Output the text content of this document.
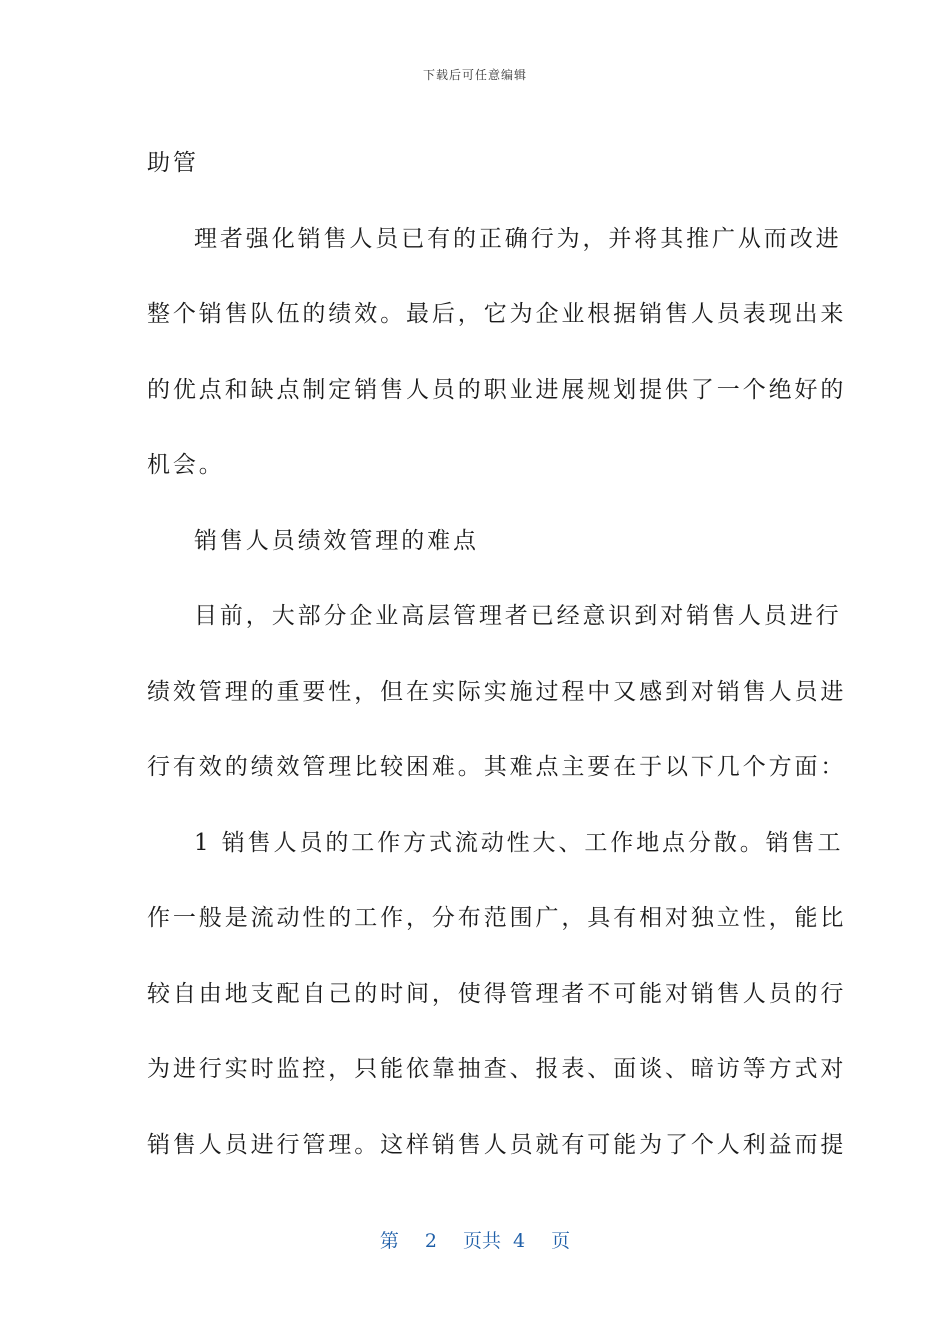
下载后可任意编辑
助管
理者强化销售人员已有的正确行为，并将其推广从而改进
整个销售队伍的绩效。最后，它为企业根据销售人员表现出来
的优点和缺点制定销售人员的职业进展规划提供了一个绝好的
机会。
销售人员绩效管理的难点
目前，大部分企业高层管理者已经意识到对销售人员进行
绩效管理的重要性，但在实际实施过程中又感到对销售人员进
行有效的绩效管理比较困难。其难点主要在于以下几个方面：
1 销售人员的工作方式流动性大、工作地点分散。销售工
作一般是流动性的工作，分布范围广，具有相对独立性，能比
较自由地支配自己的时间，使得管理者不可能对销售人员的行
为进行实时监控，只能依靠抽查、报表、面谈、暗访等方式对
销售人员进行管理。这样销售人员就有可能为了个人利益而提
第 2 页共 4 页
